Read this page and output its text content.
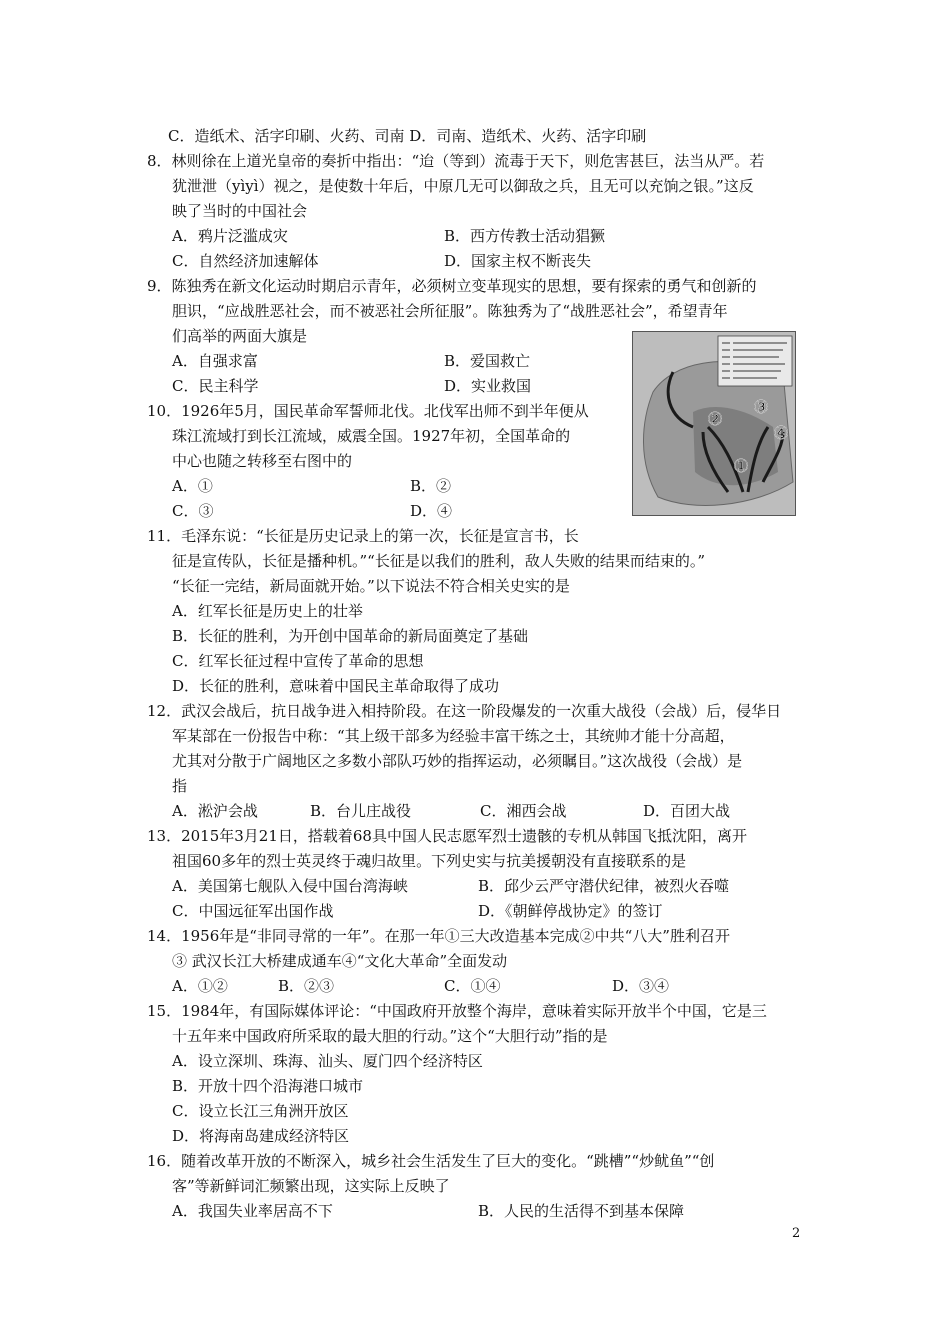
C．造纸术、活字印刷、火药、司南 D．司南、造纸术、火药、活字印刷
8．林则徐在上道光皇帝的奏折中指出：“迨（等到）流毒于天下，则危害甚巨，法当从严。若
犹泄泄（yìyì）视之，是使数十年后，中原几无可以御敌之兵，且无可以充饷之银。”这反
映了当时的中国社会
A．鸦片泛滥成灾	B．西方传教士活动猖獗
C．自然经济加速解体	D．国家主权不断丧失
9．陈独秀在新文化运动时期启示青年，必须树立变革现实的思想，要有探索的勇气和创新的
胆识，“应战胜恶社会，而不被恶社会所征服”。陈独秀为了“战胜恶社会”，希望青年
们高举的两面大旗是
A．自强求富	B．爱国救亡
C．民主科学	D．实业救国
10．1926年5月，国民革命军誓师北伐。北伐军出师不到半年便从
珠江流域打到长江流域，威震全国。1927年初，全国革命的
中心也随之转移至右图中的
A．①	B．②
C．③	D．④
②
③
④
①
11．毛泽东说：“长征是历史记录上的第一次，长征是宣言书，长
征是宣传队，长征是播种机。”“长征是以我们的胜利，敌人失败的结果而结束的。”
“长征一完结，新局面就开始。”以下说法不符合相关史实的是
A．红军长征是历史上的壮举
B．长征的胜利，为开创中国革命的新局面奠定了基础
C．红军长征过程中宣传了革命的思想
D．长征的胜利，意味着中国民主革命取得了成功
12．武汉会战后，抗日战争进入相持阶段。在这一阶段爆发的一次重大战役（会战）后，侵华日
军某部在一份报告中称：“其上级干部多为经验丰富干练之士，其统帅才能十分高超，
尤其对分散于广阔地区之多数小部队巧妙的指挥运动，必须瞩目。”这次战役（会战）是
指
A．淞沪会战	B．台儿庄战役	C．湘西会战	D．百团大战
13．2015年3月21日，搭载着68具中国人民志愿军烈士遗骸的专机从韩国飞抵沈阳，离开
祖国60多年的烈士英灵终于魂归故里。下列史实与抗美援朝没有直接联系的是
A．美国第七舰队入侵中国台湾海峡	B．邱少云严守潜伏纪律，被烈火吞噬
C．中国远征军出国作战	D．《朝鲜停战协定》的签订
14．1956年是“非同寻常的一年”。在那一年①三大改造基本完成②中共“八大”胜利召开
③ 武汉长江大桥建成通车④“文化大革命”全面发动
A．①②	B．②③	C．①④	D．③④
15．1984年，有国际媒体评论：“中国政府开放整个海岸，意味着实际开放半个中国，它是三
十五年来中国政府所采取的最大胆的行动。”这个“大胆行动”指的是
A．设立深圳、珠海、汕头、厦门四个经济特区
B．开放十四个沿海港口城市
C．设立长江三角洲开放区
D．将海南岛建成经济特区
16．随着改革开放的不断深入，城乡社会生活发生了巨大的变化。“跳槽”“炒鱿鱼”“创
客”等新鲜词汇频繁出现，这实际上反映了
A．我国失业率居高不下	B．人民的生活得不到基本保障
2
